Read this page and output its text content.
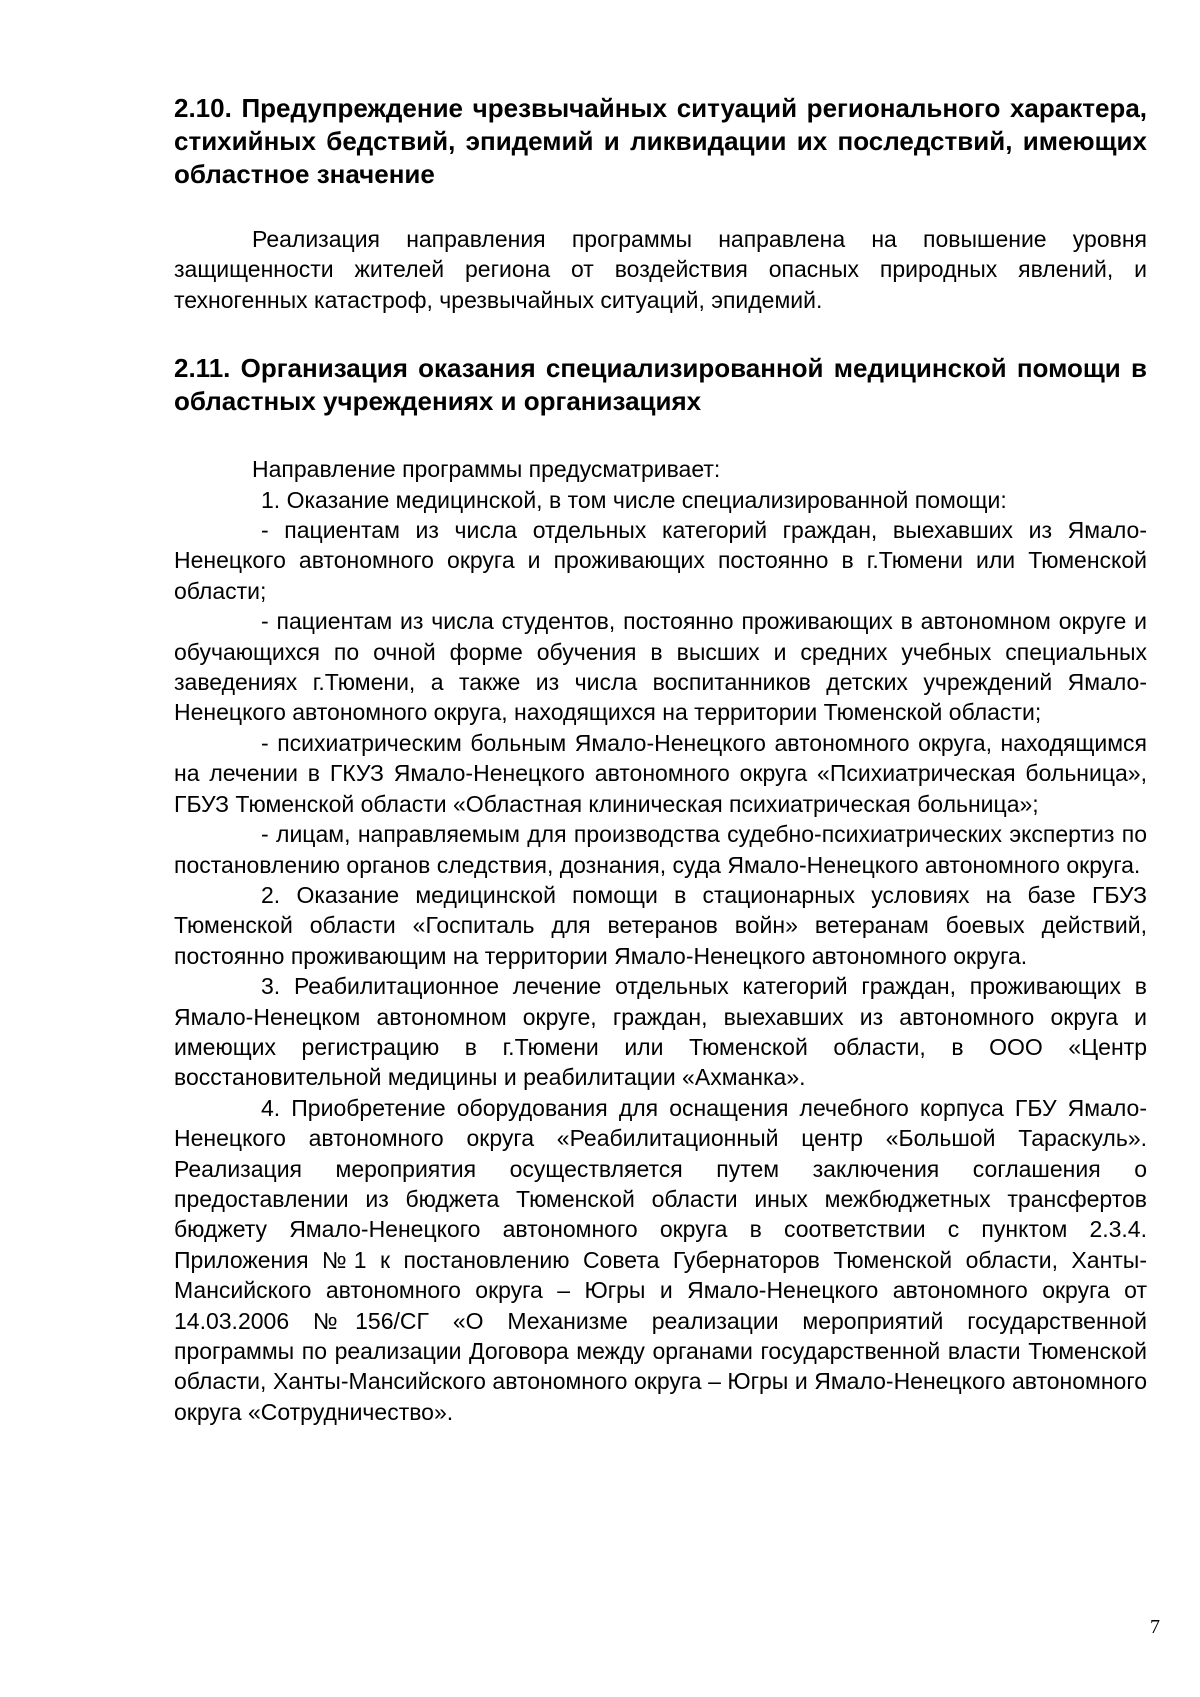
2.10. Предупреждение чрезвычайных ситуаций регионального характера, стихийных бедствий, эпидемий и ликвидации их последствий, имеющих областное значение

Реализация направления программы направлена на повышение уровня защищенности жителей региона от воздействия опасных природных явлений, и техногенных катастроф, чрезвычайных ситуаций, эпидемий.

2.11. Организация оказания специализированной медицинской помощи в областных учреждениях и организациях

Направление программы предусматривает:

1. Оказание медицинской, в том числе специализированной помощи:

- пациентам из числа отдельных категорий граждан, выехавших из Ямало-Ненецкого автономного округа и проживающих постоянно в г.Тюмени или Тюменской области;

- пациентам из числа студентов, постоянно проживающих в автономном округе и обучающихся по очной форме обучения в высших и средних учебных специальных заведениях г.Тюмени, а также из числа воспитанников детских учреждений Ямало-Ненецкого автономного округа, находящихся на территории Тюменской области;

- психиатрическим больным Ямало-Ненецкого автономного округа, находящимся на лечении в ГКУЗ Ямало-Ненецкого автономного округа «Психиатрическая больница», ГБУЗ Тюменской области «Областная клиническая психиатрическая больница»;

- лицам, направляемым для производства судебно-психиатрических экспертиз по постановлению органов следствия, дознания, суда Ямало-Ненецкого автономного округа.

2. Оказание медицинской помощи в стационарных условиях на базе ГБУЗ Тюменской области «Госпиталь для ветеранов войн» ветеранам боевых действий, постоянно проживающим на территории Ямало-Ненецкого автономного округа.

3. Реабилитационное лечение отдельных категорий граждан, проживающих в Ямало-Ненецком автономном округе, граждан, выехавших из автономного округа и имеющих регистрацию в г.Тюмени или Тюменской области, в ООО «Центр восстановительной медицины и реабилитации «Ахманка».

4. Приобретение оборудования для оснащения лечебного корпуса ГБУ Ямало-Ненецкого автономного округа «Реабилитационный центр «Большой Тараскуль». Реализация мероприятия осуществляется путем заключения соглашения о предоставлении из бюджета Тюменской области иных межбюджетных трансфертов бюджету Ямало-Ненецкого автономного округа в соответствии с пунктом 2.3.4. Приложения №1 к постановлению Совета Губернаторов Тюменской области, Ханты-Мансийского автономного округа – Югры и Ямало-Ненецкого автономного округа от 14.03.2006 №156/СГ «О Механизме реализации мероприятий государственной программы по реализации Договора между органами государственной власти Тюменской области, Ханты-Мансийского автономного округа – Югры и Ямало-Ненецкого автономного округа «Сотрудничество».

7
